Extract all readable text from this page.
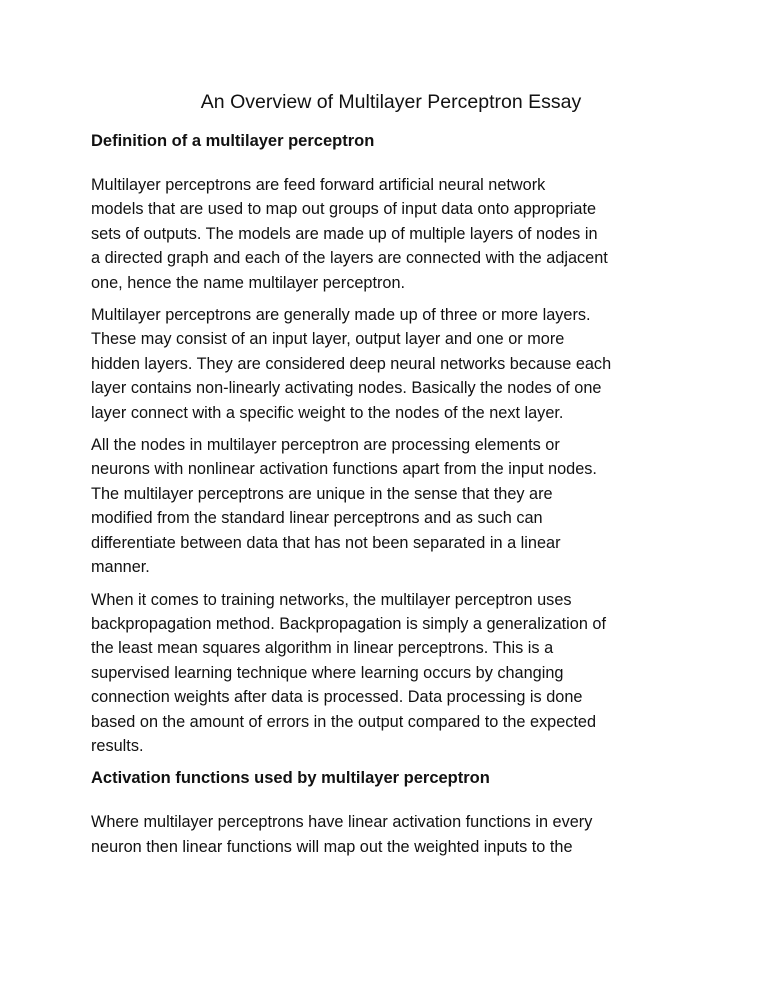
An Overview of Multilayer Perceptron Essay
Definition of a multilayer perceptron

Multilayer perceptrons are feed forward artificial neural network
models that are used to map out groups of input data onto appropriate
sets of outputs. The models are made up of multiple layers of nodes in
a directed graph and each of the layers are connected with the adjacent
one, hence the name multilayer perceptron.

Multilayer perceptrons are generally made up of three or more layers.
These may consist of an input layer, output layer and one or more
hidden layers. They are considered deep neural networks because each
layer contains non-linearly activating nodes. Basically the nodes of one
layer connect with a specific weight to the nodes of the next layer.

All the nodes in multilayer perceptron are processing elements or
neurons with nonlinear activation functions apart from the input nodes.
The multilayer perceptrons are unique in the sense that they are
modified from the standard linear perceptrons and as such can
differentiate between data that has not been separated in a linear
manner.

When it comes to training networks, the multilayer perceptron uses
backpropagation method. Backpropagation is simply a generalization of
the least mean squares algorithm in linear perceptrons. This is a
supervised learning technique where learning occurs by changing
connection weights after data is processed. Data processing is done
based on the amount of errors in the output compared to the expected
results.

Activation functions used by multilayer perceptron

Where multilayer perceptrons have linear activation functions in every
neuron then linear functions will map out the weighted inputs to the
